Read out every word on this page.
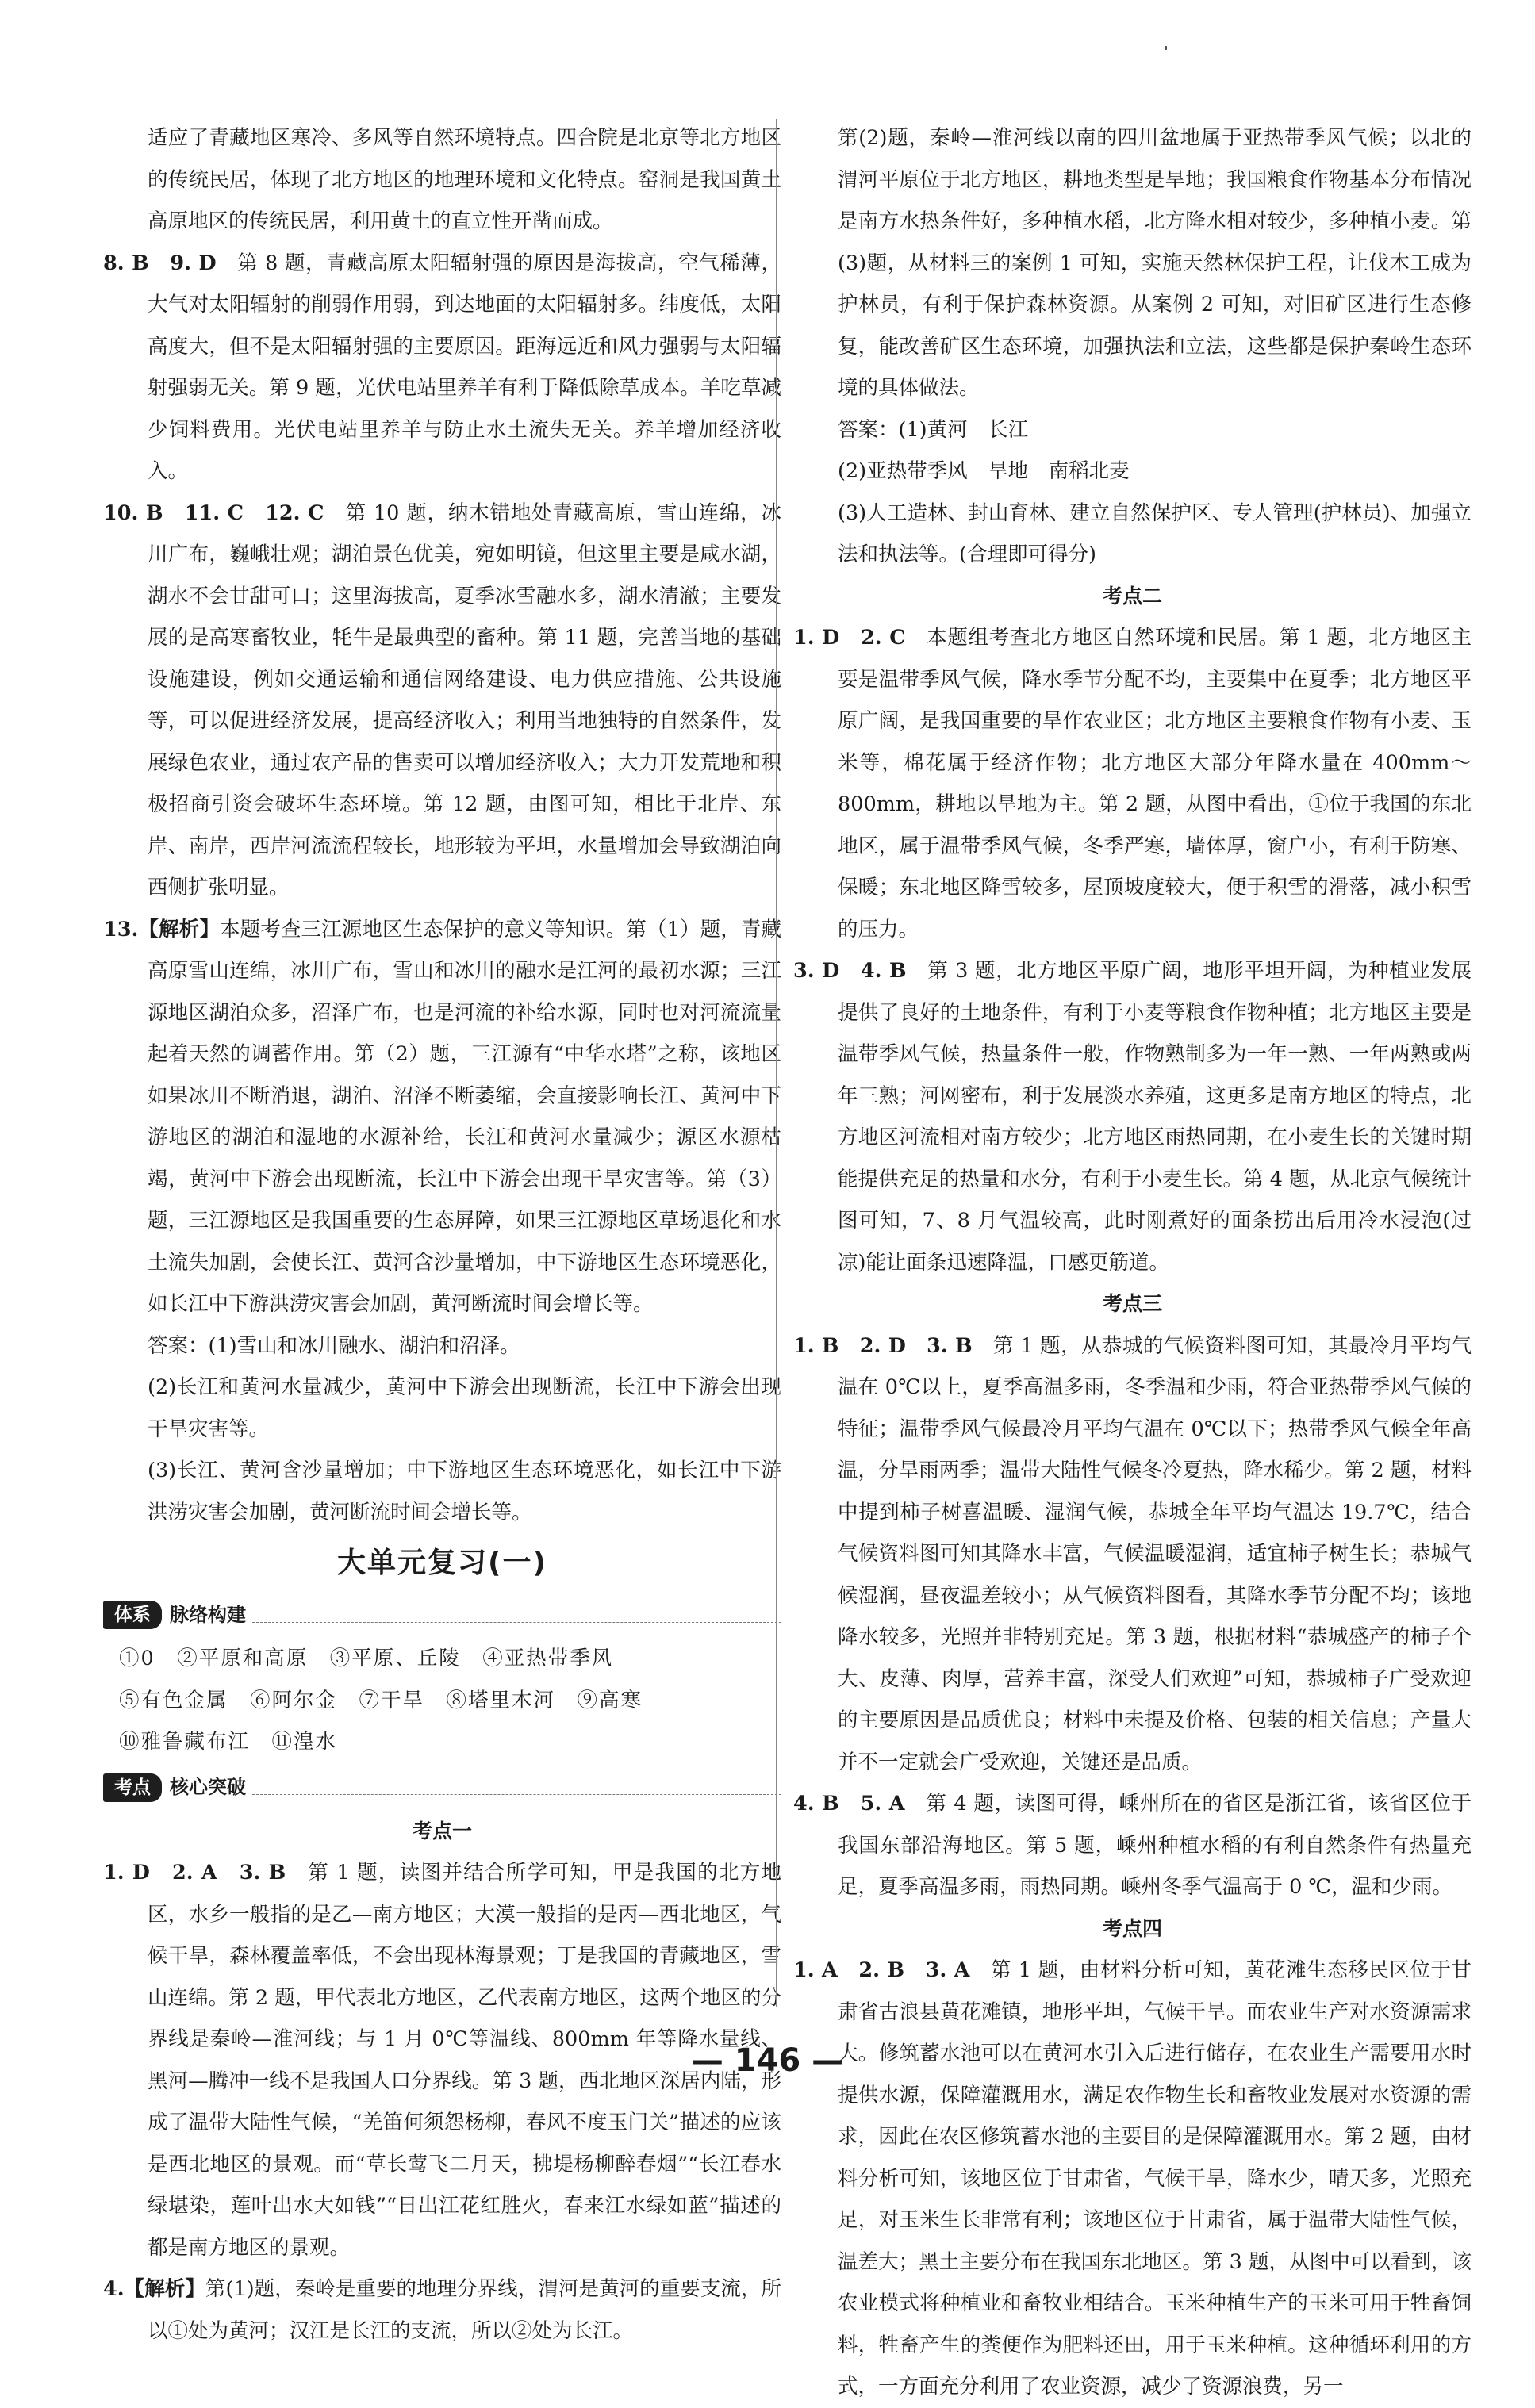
适应了青藏地区寒冷、多风等自然环境特点。四合院是北京等北方地区的传统民居，体现了北方地区的地理环境和文化特点。窑洞是我国黄土高原地区的传统民居，利用黄土的直立性开凿而成。

8. B　9. D　第 8 题，青藏高原太阳辐射强的原因是海拔高，空气稀薄，大气对太阳辐射的削弱作用弱，到达地面的太阳辐射多。纬度低，太阳高度大，但不是太阳辐射强的主要原因。距海远近和风力强弱与太阳辐射强弱无关。第 9 题，光伏电站里养羊有利于降低除草成本。羊吃草减少饲料费用。光伏电站里养羊与防止水土流失无关。养羊增加经济收入。

10. B　11. C　12. C　第 10 题，纳木错地处青藏高原，雪山连绵，冰川广布，巍峨壮观；湖泊景色优美，宛如明镜，但这里主要是咸水湖，湖水不会甘甜可口；这里海拔高，夏季冰雪融水多，湖水清澈；主要发展的是高寒畜牧业，牦牛是最典型的畜种。第 11 题，完善当地的基础设施建设，例如交通运输和通信网络建设、电力供应措施、公共设施等，可以促进经济发展，提高经济收入；利用当地独特的自然条件，发展绿色农业，通过农产品的售卖可以增加经济收入；大力开发荒地和积极招商引资会破坏生态环境。第 12 题，由图可知，相比于北岸、东岸、南岸，西岸河流流程较长，地形较为平坦，水量增加会导致湖泊向西侧扩张明显。

13.【解析】本题考查三江源地区生态保护的意义等知识。第（1）题，青藏高原雪山连绵，冰川广布，雪山和冰川的融水是江河的最初水源；三江源地区湖泊众多，沼泽广布，也是河流的补给水源，同时也对河流流量起着天然的调蓄作用。第（2）题，三江源有“中华水塔”之称，该地区如果冰川不断消退，湖泊、沼泽不断萎缩，会直接影响长江、黄河中下游地区的湖泊和湿地的水源补给，长江和黄河水量减少；源区水源枯竭，黄河中下游会出现断流，长江中下游会出现干旱灾害等。第（3）题，三江源地区是我国重要的生态屏障，如果三江源地区草场退化和水土流失加剧，会使长江、黄河含沙量增加，中下游地区生态环境恶化，如长江中下游洪涝灾害会加剧，黄河断流时间会增长等。

答案：(1)雪山和冰川融水、湖泊和沼泽。

(2)长江和黄河水量减少，黄河中下游会出现断流，长江中下游会出现干旱灾害等。

(3)长江、黄河含沙量增加；中下游地区生态环境恶化，如长江中下游洪涝灾害会加剧，黄河断流时间会增长等。

大单元复习(一)
体系	脉络构建

①0　②平原和高原　③平原、丘陵　④亚热带季风

⑤有色金属　⑥阿尔金　⑦干旱　⑧塔里木河　⑨高寒

⑩雅鲁藏布江　⑪湟水

考点	核心突破
考点一

1. D　2. A　3. B　第 1 题，读图并结合所学可知，甲是我国的北方地区，水乡一般指的是乙—南方地区；大漠一般指的是丙—西北地区，气候干旱，森林覆盖率低，不会出现林海景观；丁是我国的青藏地区，雪山连绵。第 2 题，甲代表北方地区，乙代表南方地区，这两个地区的分界线是秦岭—淮河线；与 1 月 0℃等温线、800mm 年等降水量线、黑河—腾冲一线不是我国人口分界线。第 3 题，西北地区深居内陆，形成了温带大陆性气候，“羌笛何须怨杨柳，春风不度玉门关”描述的应该是西北地区的景观。而“草长莺飞二月天，拂堤杨柳醉春烟”“长江春水绿堪染，莲叶出水大如钱”“日出江花红胜火，春来江水绿如蓝”描述的都是南方地区的景观。

4.【解析】第(1)题，秦岭是重要的地理分界线，渭河是黄河的重要支流，所以①处为黄河；汉江是长江的支流，所以②处为长江。

第(2)题，秦岭—淮河线以南的四川盆地属于亚热带季风气候；以北的渭河平原位于北方地区，耕地类型是旱地；我国粮食作物基本分布情况是南方水热条件好，多种植水稻，北方降水相对较少，多种植小麦。第(3)题，从材料三的案例 1 可知，实施天然林保护工程，让伐木工成为护林员，有利于保护森林资源。从案例 2 可知，对旧矿区进行生态修复，能改善矿区生态环境，加强执法和立法，这些都是保护秦岭生态环境的具体做法。

答案：(1)黄河　长江

(2)亚热带季风　旱地　南稻北麦

(3)人工造林、封山育林、建立自然保护区、专人管理(护林员)、加强立法和执法等。(合理即可得分)

考点二

1. D　2. C　本题组考查北方地区自然环境和民居。第 1 题，北方地区主要是温带季风气候，降水季节分配不均，主要集中在夏季；北方地区平原广阔，是我国重要的旱作农业区；北方地区主要粮食作物有小麦、玉米等，棉花属于经济作物；北方地区大部分年降水量在 400mm～800mm，耕地以旱地为主。第 2 题，从图中看出，①位于我国的东北地区，属于温带季风气候，冬季严寒，墙体厚，窗户小，有利于防寒、保暖；东北地区降雪较多，屋顶坡度较大，便于积雪的滑落，减小积雪的压力。

3. D　4. B　第 3 题，北方地区平原广阔，地形平坦开阔，为种植业发展提供了良好的土地条件，有利于小麦等粮食作物种植；北方地区主要是温带季风气候，热量条件一般，作物熟制多为一年一熟、一年两熟或两年三熟；河网密布，利于发展淡水养殖，这更多是南方地区的特点，北方地区河流相对南方较少；北方地区雨热同期，在小麦生长的关键时期能提供充足的热量和水分，有利于小麦生长。第 4 题，从北京气候统计图可知，7、8 月气温较高，此时刚煮好的面条捞出后用冷水浸泡(过凉)能让面条迅速降温，口感更筋道。

考点三

1. B　2. D　3. B　第 1 题，从恭城的气候资料图可知，其最冷月平均气温在 0℃以上，夏季高温多雨，冬季温和少雨，符合亚热带季风气候的特征；温带季风气候最冷月平均气温在 0℃以下；热带季风气候全年高温，分旱雨两季；温带大陆性气候冬冷夏热，降水稀少。第 2 题，材料中提到柿子树喜温暖、湿润气候，恭城全年平均气温达 19.7℃，结合气候资料图可知其降水丰富，气候温暖湿润，适宜柿子树生长；恭城气候湿润，昼夜温差较小；从气候资料图看，其降水季节分配不均；该地降水较多，光照并非特别充足。第 3 题，根据材料“恭城盛产的柿子个大、皮薄、肉厚，营养丰富，深受人们欢迎”可知，恭城柿子广受欢迎的主要原因是品质优良；材料中未提及价格、包装的相关信息；产量大并不一定就会广受欢迎，关键还是品质。

4. B　5. A　第 4 题，读图可得，嵊州所在的省区是浙江省，该省区位于我国东部沿海地区。第 5 题，嵊州种植水稻的有利自然条件有热量充足，夏季高温多雨，雨热同期。嵊州冬季气温高于 0 ℃，温和少雨。

考点四

1. A　2. B　3. A　第 1 题，由材料分析可知，黄花滩生态移民区位于甘肃省古浪县黄花滩镇，地形平坦，气候干旱。而农业生产对水资源需求大。修筑蓄水池可以在黄河水引入后进行储存，在农业生产需要用水时提供水源，保障灌溉用水，满足农作物生长和畜牧业发展对水资源的需求，因此在农区修筑蓄水池的主要目的是保障灌溉用水。第 2 题，由材料分析可知，该地区位于甘肃省，气候干旱，降水少，晴天多，光照充足，对玉米生长非常有利；该地区位于甘肃省，属于温带大陆性气候，温差大；黑土主要分布在我国东北地区。第 3 题，从图中可以看到，该农业模式将种植业和畜牧业相结合。玉米种植生产的玉米可用于牲畜饲料，牲畜产生的粪便作为肥料还田，用于玉米种植。这种循环利用的方式，一方面充分利用了农业资源，减少了资源浪费，另一

— 146 —
